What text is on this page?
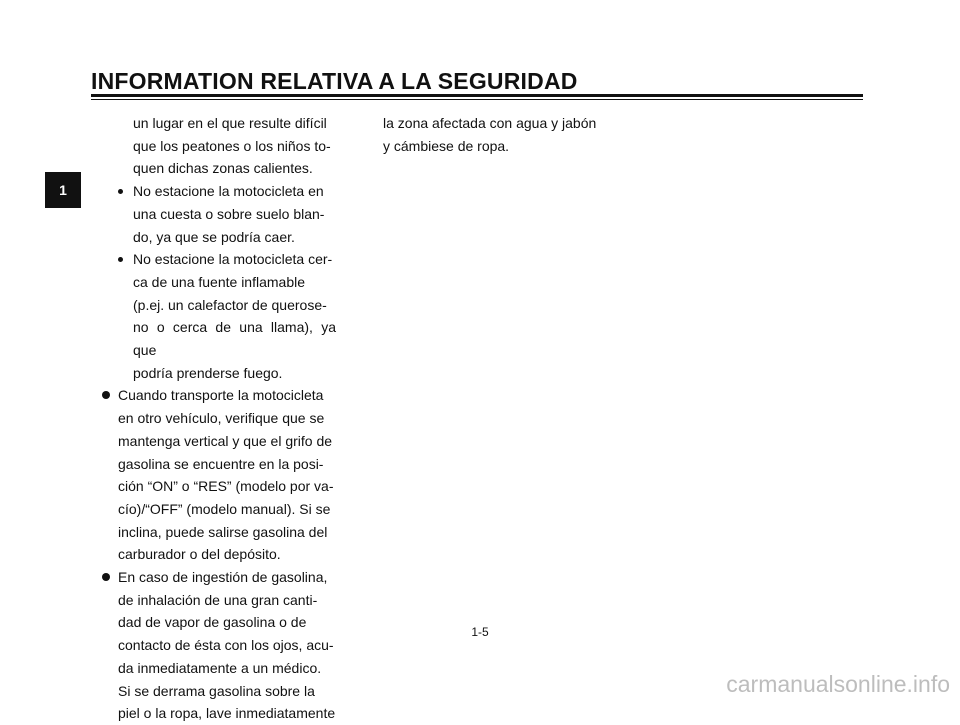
INFORMATION RELATIVA A LA SEGURIDAD
1
un lugar en el que resulte difícil
que los peatones o los niños to-
quen dichas zonas calientes.
No estacione la motocicleta en
una cuesta o sobre suelo blan-
do, ya que se podría caer.
No estacione la motocicleta cer-
ca de una fuente inflamable
(p.ej. un calefactor de querose-
no o cerca de una llama), ya que
podría prenderse fuego.
Cuando transporte la motocicleta
en otro vehículo, verifique que se
mantenga vertical y que el grifo de
gasolina se encuentre en la posi-
ción “ON” o “RES” (modelo por va-
cío)/“OFF” (modelo manual). Si se
inclina, puede salirse gasolina del
carburador o del depósito.
En caso de ingestión de gasolina,
de inhalación de una gran canti-
dad de vapor de gasolina o de
contacto de ésta con los ojos, acu-
da inmediatamente a un médico.
Si se derrama gasolina sobre la
piel o la ropa, lave inmediatamente
la zona afectada con agua y jabón
y cámbiese de ropa.
1-5
carmanualsonline.info
